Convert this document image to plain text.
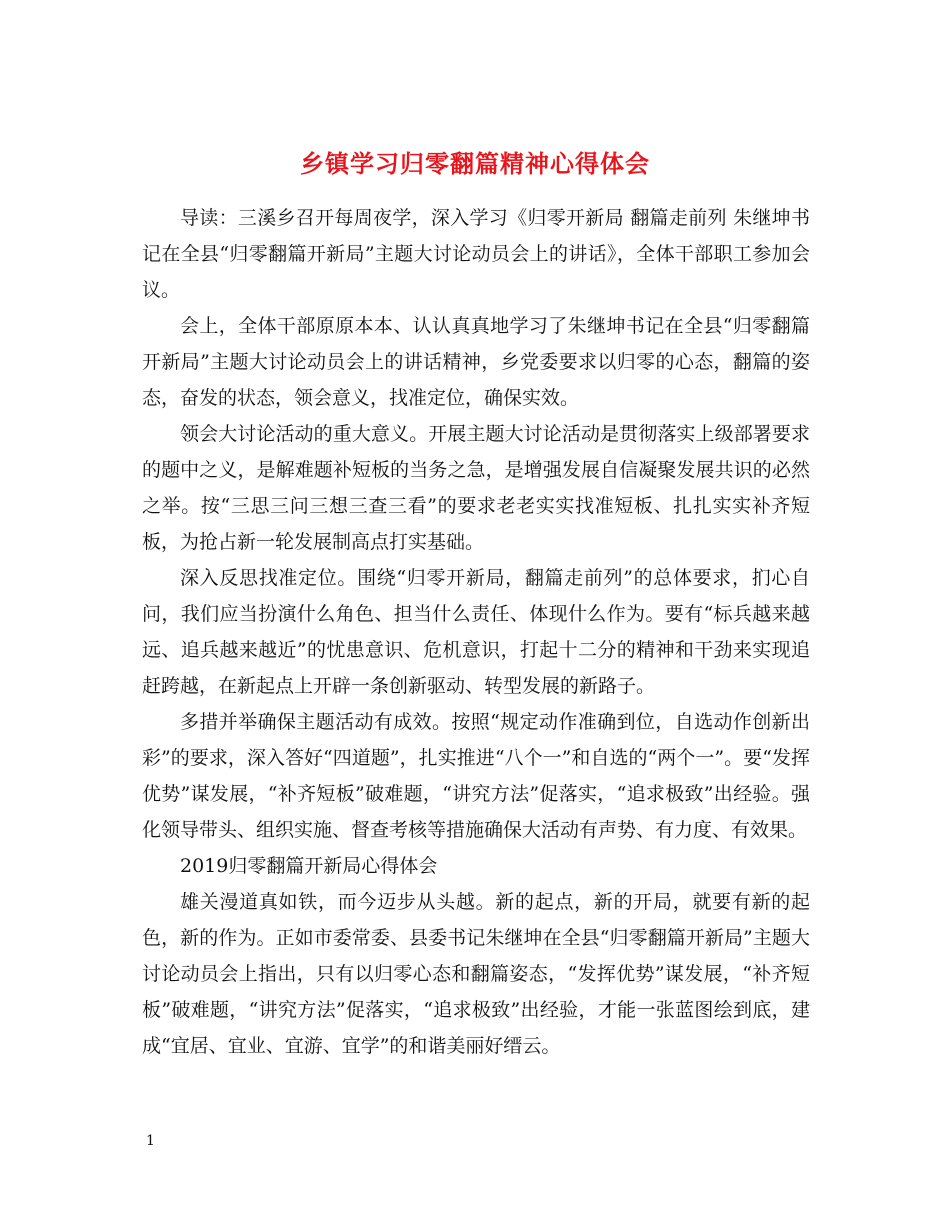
乡镇学习归零翻篇精神心得体会

导读：三溪乡召开每周夜学，深入学习《归零开新局 翻篇走前列 朱继坤书记在全县“归零翻篇开新局”主题大讨论动员会上的讲话》，全体干部职工参加会议。

会上，全体干部原原本本、认认真真地学习了朱继坤书记在全县“归零翻篇开新局”主题大讨论动员会上的讲话精神，乡党委要求以归零的心态，翻篇的姿态，奋发的状态，领会意义，找准定位，确保实效。

领会大讨论活动的重大意义。开展主题大讨论活动是贯彻落实上级部署要求的题中之义，是解难题补短板的当务之急，是增强发展自信凝聚发展共识的必然之举。按“三思三问三想三查三看”的要求老老实实找准短板、扎扎实实补齐短板，为抢占新一轮发展制高点打实基础。

深入反思找准定位。围绕“归零开新局，翻篇走前列”的总体要求，扪心自问，我们应当扮演什么角色、担当什么责任、体现什么作为。要有“标兵越来越远、追兵越来越近”的忧患意识、危机意识，打起十二分的精神和干劲来实现追赶跨越，在新起点上开辟一条创新驱动、转型发展的新路子。

多措并举确保主题活动有成效。按照“规定动作准确到位，自选动作创新出彩”的要求，深入答好“四道题”，扎实推进“八个一”和自选的“两个一”。要“发挥优势”谋发展，“补齐短板”破难题，“讲究方法”促落实，“追求极致”出经验。强化领导带头、组织实施、督查考核等措施确保大活动有声势、有力度、有效果。

2019归零翻篇开新局心得体会

雄关漫道真如铁，而今迈步从头越。新的起点，新的开局，就要有新的起色，新的作为。正如市委常委、县委书记朱继坤在全县“归零翻篇开新局”主题大讨论动员会上指出，只有以归零心态和翻篇姿态，“发挥优势”谋发展，“补齐短板”破难题，“讲究方法”促落实，“追求极致”出经验，才能一张蓝图绘到底，建成“宜居、宜业、宜游、宜学”的和谐美丽好缙云。

1
